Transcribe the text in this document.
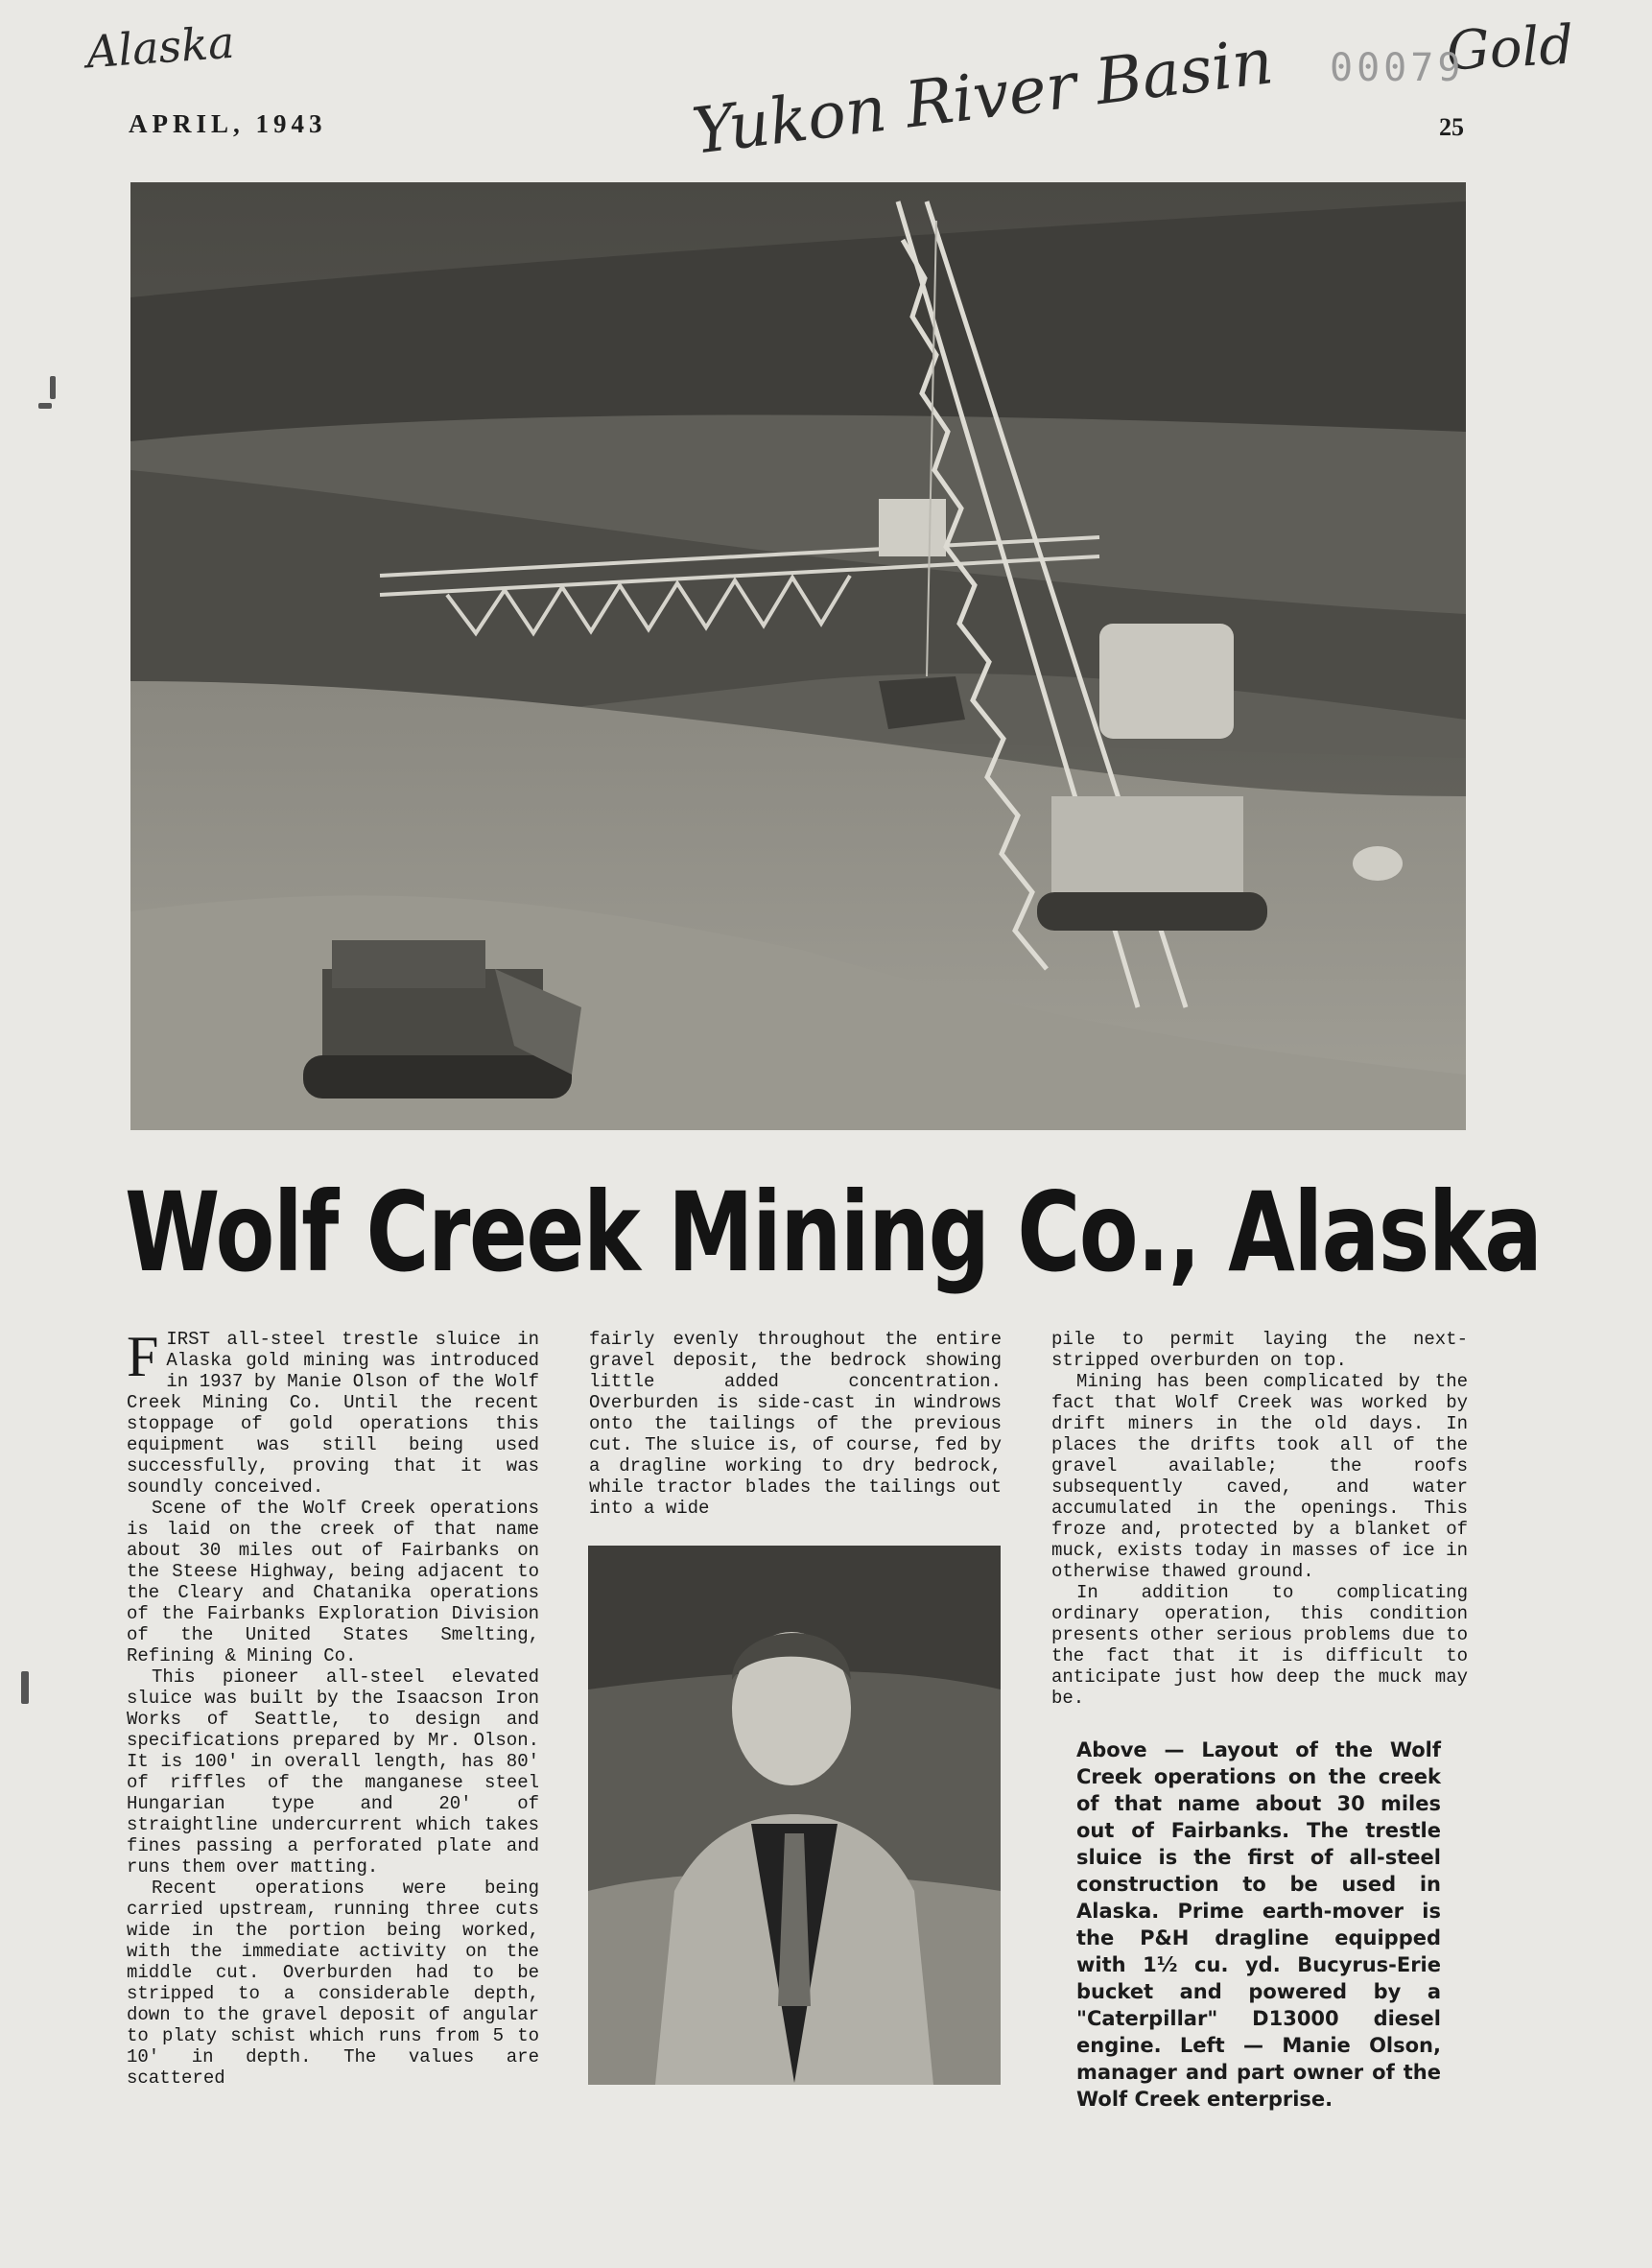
Alaska	Yukon River Basin	Gold
00079
APRIL, 1943	25
Wolf Creek Mining Co., Alaska

FIRST all-steel trestle sluice in Alaska gold mining was introduced in 1937 by Manie Olson of the Wolf Creek Mining Co. Until the recent stoppage of gold operations this equipment was still being used successfully, proving that it was soundly conceived.

Scene of the Wolf Creek operations is laid on the creek of that name about 30 miles out of Fairbanks on the Steese Highway, being adjacent to the Cleary and Chatanika operations of the Fairbanks Exploration Division of the United States Smelting, Refining & Mining Co.

This pioneer all-steel elevated sluice was built by the Isaacson Iron Works of Seattle, to design and specifications prepared by Mr. Olson. It is 100′ in overall length, has 80′ of riffles of the manganese steel Hungarian type and 20′ of straightline undercurrent which takes fines passing a perforated plate and runs them over matting.

Recent operations were being carried upstream, running three cuts wide in the portion being worked, with the immediate activity on the middle cut. Overburden had to be stripped to a considerable depth, down to the gravel deposit of angular to platy schist which runs from 5 to 10′ in depth. The values are scattered

fairly evenly throughout the entire gravel deposit, the bedrock showing little added concentration. Overburden is side-cast in windrows onto the tailings of the previous cut. The sluice is, of course, fed by a dragline working to dry bedrock, while tractor blades the tailings out into a wide

pile to permit laying the next-stripped overburden on top.

Mining has been complicated by the fact that Wolf Creek was worked by drift miners in the old days. In places the drifts took all of the gravel available; the roofs subsequently caved, and water accumulated in the openings. This froze and, protected by a blanket of muck, exists today in masses of ice in otherwise thawed ground.

In addition to complicating ordinary operation, this condition presents other serious problems due to the fact that it is difficult to anticipate just how deep the muck may be.

Above — Layout of the Wolf Creek operations on the creek of that name about 30 miles out of Fairbanks. The trestle sluice is the first of all-steel construction to be used in Alaska. Prime earth-mover is the P&H dragline equipped with 1½ cu. yd. Bucyrus-Erie bucket and powered by a "Caterpillar" D13000 diesel engine. Left — Manie Olson, manager and part owner of the Wolf Creek enterprise.
